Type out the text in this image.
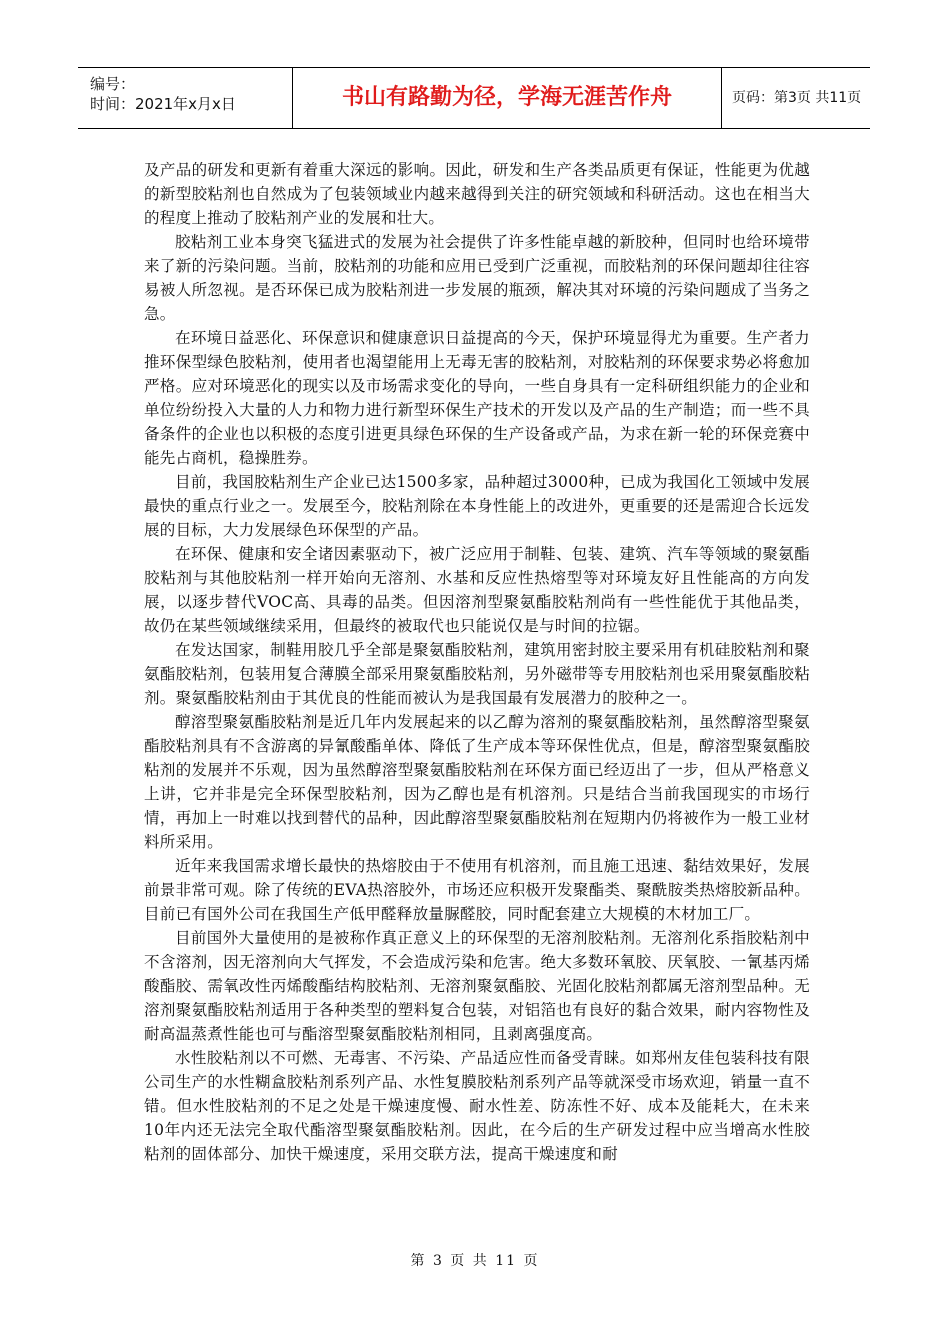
编号：
时间：2021年x月x日	书山有路勤为径，学海无涯苦作舟	页码：第3页 共11页

及产品的研发和更新有着重大深远的影响。因此，研发和生产各类品质更有保证，性能更为优越的新型胶粘剂也自然成为了包装领域业内越来越得到关注的研究领域和科研活动。这也在相当大的程度上推动了胶粘剂产业的发展和壮大。

胶粘剂工业本身突飞猛进式的发展为社会提供了许多性能卓越的新胶种，但同时也给环境带来了新的污染问题。当前，胶粘剂的功能和应用已受到广泛重视，而胶粘剂的环保问题却往往容易被人所忽视。是否环保已成为胶粘剂进一步发展的瓶颈，解决其对环境的污染问题成了当务之急。

在环境日益恶化、环保意识和健康意识日益提高的今天，保护环境显得尤为重要。生产者力推环保型绿色胶粘剂，使用者也渴望能用上无毒无害的胶粘剂，对胶粘剂的环保要求势必将愈加严格。应对环境恶化的现实以及市场需求变化的导向，一些自身具有一定科研组织能力的企业和单位纷纷投入大量的人力和物力进行新型环保生产技术的开发以及产品的生产制造；而一些不具备条件的企业也以积极的态度引进更具绿色环保的生产设备或产品，为求在新一轮的环保竞赛中能先占商机，稳操胜券。

目前，我国胶粘剂生产企业已达1500多家，品种超过3000种，已成为我国化工领域中发展最快的重点行业之一。发展至今，胶粘剂除在本身性能上的改进外，更重要的还是需迎合长远发展的目标，大力发展绿色环保型的产品。

在环保、健康和安全诸因素驱动下，被广泛应用于制鞋、包装、建筑、汽车等领域的聚氨酯胶粘剂与其他胶粘剂一样开始向无溶剂、水基和反应性热熔型等对环境友好且性能高的方向发展，以逐步替代VOC高、具毒的品类。但因溶剂型聚氨酯胶粘剂尚有一些性能优于其他品类，故仍在某些领域继续采用，但最终的被取代也只能说仅是与时间的拉锯。

在发达国家，制鞋用胶几乎全部是聚氨酯胶粘剂，建筑用密封胶主要采用有机硅胶粘剂和聚氨酯胶粘剂，包装用复合薄膜全部采用聚氨酯胶粘剂，另外磁带等专用胶粘剂也采用聚氨酯胶粘剂。聚氨酯胶粘剂由于其优良的性能而被认为是我国最有发展潜力的胶种之一。

醇溶型聚氨酯胶粘剂是近几年内发展起来的以乙醇为溶剂的聚氨酯胶粘剂，虽然醇溶型聚氨酯胶粘剂具有不含游离的异氰酸酯单体、降低了生产成本等环保性优点，但是，醇溶型聚氨酯胶粘剂的发展并不乐观，因为虽然醇溶型聚氨酯胶粘剂在环保方面已经迈出了一步，但从严格意义上讲，它并非是完全环保型胶粘剂，因为乙醇也是有机溶剂。只是结合当前我国现实的市场行情，再加上一时难以找到替代的品种，因此醇溶型聚氨酯胶粘剂在短期内仍将被作为一般工业材料所采用。

近年来我国需求增长最快的热熔胶由于不使用有机溶剂，而且施工迅速、黏结效果好，发展前景非常可观。除了传统的EVA热溶胶外，市场还应积极开发聚酯类、聚酰胺类热熔胶新品种。目前已有国外公司在我国生产低甲醛释放量脲醛胶，同时配套建立大规模的木材加工厂。

目前国外大量使用的是被称作真正意义上的环保型的无溶剂胶粘剂。无溶剂化系指胶粘剂中不含溶剂，因无溶剂向大气挥发，不会造成污染和危害。绝大多数环氧胶、厌氧胶、一氰基丙烯酸酯胶、需氧改性丙烯酸酯结构胶粘剂、无溶剂聚氨酯胶、光固化胶粘剂都属无溶剂型品种。无溶剂聚氨酯胶粘剂适用于各种类型的塑料复合包装，对铝箔也有良好的黏合效果，耐内容物性及耐高温蒸煮性能也可与酯溶型聚氨酯胶粘剂相同，且剥离强度高。

水性胶粘剂以不可燃、无毒害、不污染、产品适应性而备受青睐。如郑州友佳包装科技有限公司生产的水性糊盒胶粘剂系列产品、水性复膜胶粘剂系列产品等就深受市场欢迎，销量一直不错。但水性胶粘剂的不足之处是干燥速度慢、耐水性差、防冻性不好、成本及能耗大，在未来10年内还无法完全取代酯溶型聚氨酯胶粘剂。因此，在今后的生产研发过程中应当增高水性胶粘剂的固体部分、加快干燥速度，采用交联方法，提高干燥速度和耐

第 3 页 共 11 页
